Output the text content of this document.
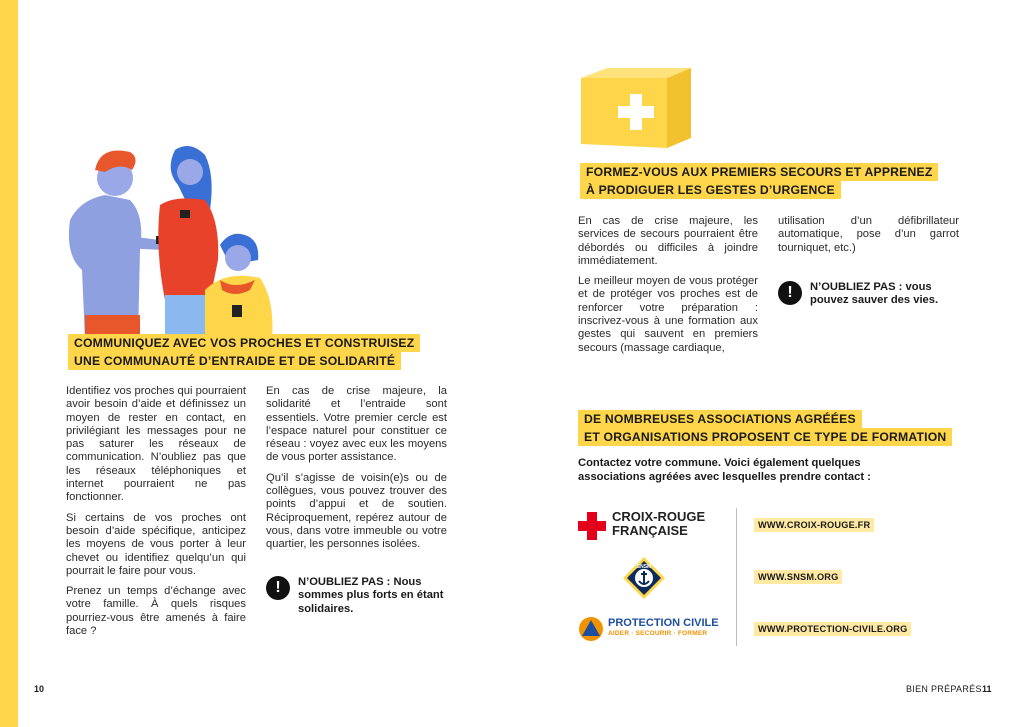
COMMUNIQUEZ AVEC VOS PROCHES ET CONSTRUISEZ
UNE COMMUNAUTÉ D’ENTRAIDE ET DE SOLIDARITÉ

Identifiez vos proches qui pourraient avoir besoin d’aide et définissez un moyen de rester en contact, en privilégiant les messages pour ne pas saturer les réseaux de communication. N’oubliez pas que les réseaux téléphoniques et internet pourraient ne pas fonctionner.

Si certains de vos proches ont besoin d’aide spécifique, anticipez les moyens de vous porter à leur chevet ou identifiez quelqu’un qui pourrait le faire pour vous.

Prenez un temps d’échange avec votre famille. À quels risques pourriez-vous être amenés à faire face ?

En cas de crise majeure, la solidarité et l’entraide sont essentiels. Votre premier cercle est l’espace naturel pour constituer ce réseau : voyez avec eux les moyens de vous porter assistance.

Qu’il s’agisse de voisin(e)s ou de collègues, vous pouvez trouver des points d’appui et de soutien. Réciproquement, repérez autour de vous, dans votre immeuble ou votre quartier, les personnes isolées.

!	N’OUBLIEZ PAS : Nous sommes plus forts en étant solidaires.
10
FORMEZ-VOUS AUX PREMIERS SECOURS ET APPRENEZ
À PRODIGUER LES GESTES D’URGENCE

En cas de crise majeure, les services de secours pourraient être débordés ou difficiles à joindre immédiatement.

Le meilleur moyen de vous protéger et de protéger vos proches est de renforcer votre préparation : inscrivez-vous à une formation aux gestes qui sauvent en premiers secours (massage cardiaque,

utilisation d’un défibrillateur automatique, pose d’un garrot tourniquet, etc.)

!	N’OUBLIEZ PAS : vous pouvez sauver des vies.
DE NOMBREUSES ASSOCIATIONS AGRÉÉES
ET ORGANISATIONS PROPOSENT CE TYPE DE FORMATION
Contactez votre commune. Voici également quelques associations agréées avec lesquelles prendre contact :
CROIX-ROUGE
FRANÇAISE	WWW.CROIX-ROUGE.FR
SNSM
WWW.SNSM.ORG
PROTECTION CIVILE
AIDER · SECOURIR · FORMER	WWW.PROTECTION-CIVILE.ORG
BIEN PRÉPARÉS 11
